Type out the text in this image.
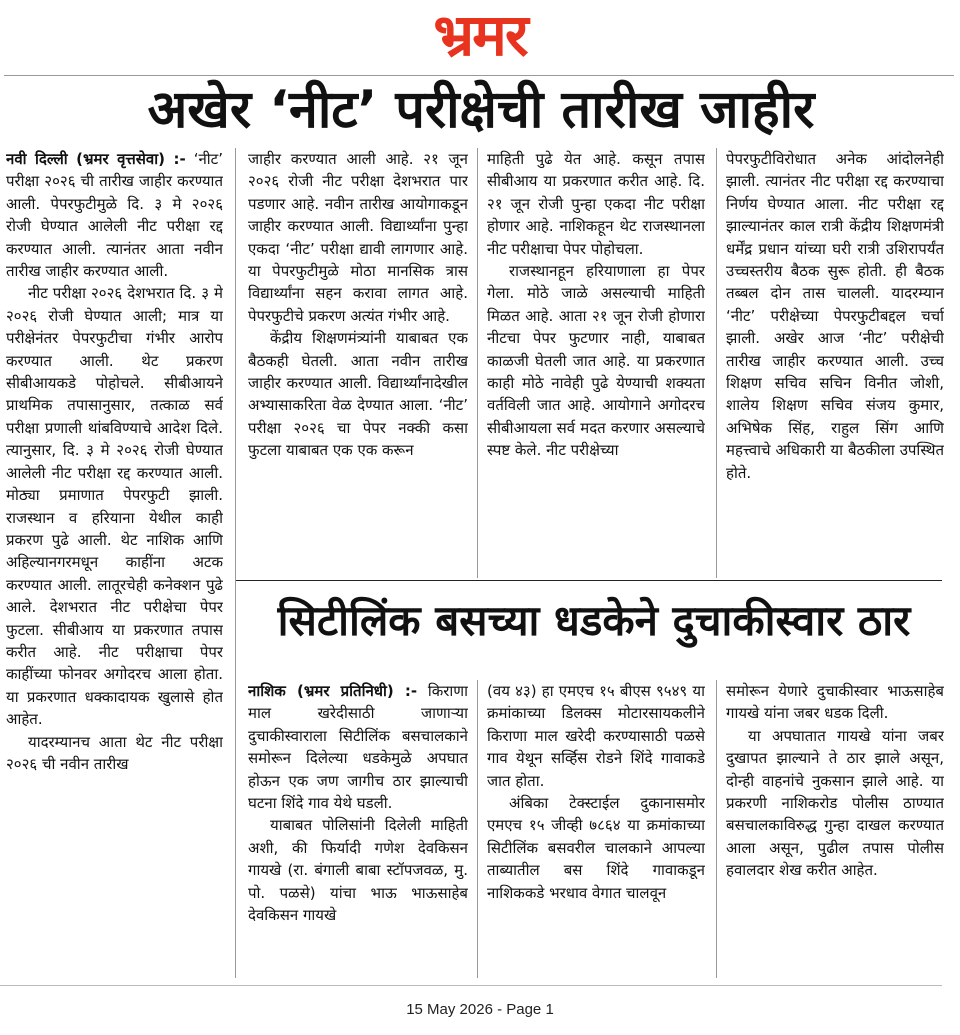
भ्रमर
अखेर ‘नीट’ परीक्षेची तारीख जाहीर

नवी दिल्ली (भ्रमर वृत्तसेवा) :- ‘नीट’ परीक्षा २०२६ ची तारीख जाहीर करण्यात आली. पेपरफुटीमुळे दि. ३ मे २०२६ रोजी घेण्यात आलेली नीट परीक्षा रद्द करण्यात आली. त्यानंतर आता नवीन तारीख जाहीर करण्यात आली.

नीट परीक्षा २०२६ देशभरात दि. ३ मे २०२६ रोजी घेण्यात आली; मात्र या परीक्षेनंतर पेपरफुटीचा गंभीर आरोप करण्यात आली. थेट प्रकरण सीबीआयकडे पोहोचले. सीबीआयने प्राथमिक तपासानुसार, तत्काळ सर्व परीक्षा प्रणाली थांबविण्याचे आदेश दिले. त्यानुसार, दि. ३ मे २०२६ रोजी घेण्यात आलेली नीट परीक्षा रद्द करण्यात आली. मोठ्या प्रमाणात पेपरफुटी झाली. राजस्थान व हरियाना येथील काही प्रकरण पुढे आली. थेट नाशिक आणि अहिल्यानगरमधून काहींना अटक करण्यात आली. लातूरचेही कनेक्शन पुढे आले. देशभरात नीट परीक्षेचा पेपर फुटला. सीबीआय या प्रकरणात तपास करीत आहे. नीट परीक्षाचा पेपर काहींच्या फोनवर अगोदरच आला होता. या प्रकरणात धक्कादायक खुलासे होत आहेत.

यादरम्यानच आता थेट नीट परीक्षा २०२६ ची नवीन तारीख

जाहीर करण्यात आली आहे. २१ जून २०२६ रोजी नीट परीक्षा देशभरात पार पडणार आहे. नवीन तारीख आयोगाकडून जाहीर करण्यात आली. विद्यार्थ्यांना पुन्हा एकदा ‘नीट’ परीक्षा द्यावी लागणार आहे. या पेपरफुटीमुळे मोठा मानसिक त्रास विद्यार्थ्यांना सहन करावा लागत आहे. पेपरफुटीचे प्रकरण अत्यंत गंभीर आहे.

केंद्रीय शिक्षणमंत्र्यांनी याबाबत एक बैठकही घेतली. आता नवीन तारीख जाहीर करण्यात आली. विद्यार्थ्यांनादेखील अभ्यासाकरिता वेळ देण्यात आला. ‘नीट’ परीक्षा २०२६ चा पेपर नक्की कसा फुटला याबाबत एक एक करून

माहिती पुढे येत आहे. कसून तपास सीबीआय या प्रकरणात करीत आहे. दि. २१ जून रोजी पुन्हा एकदा नीट परीक्षा होणार आहे. नाशिकहून थेट राजस्थानला नीट परीक्षाचा पेपर पोहोचला.

राजस्थानहून हरियाणाला हा पेपर गेला. मोठे जाळे असल्याची माहिती मिळत आहे. आता २१ जून रोजी होणारा नीटचा पेपर फुटणार नाही, याबाबत काळजी घेतली जात आहे. या प्रकरणात काही मोठे नावेही पुढे येण्याची शक्यता वर्तविली जात आहे. आयोगाने अगोदरच सीबीआयला सर्व मदत करणार असल्याचे स्पष्ट केले. नीट परीक्षेच्या

पेपरफुटीविरोधात अनेक आंदोलनेही झाली. त्यानंतर नीट परीक्षा रद्द करण्याचा निर्णय घेण्यात आला. नीट परीक्षा रद्द झाल्यानंतर काल रात्री केंद्रीय शिक्षणमंत्री धर्मेंद्र प्रधान यांच्या घरी रात्री उशिरापर्यंत उच्चस्तरीय बैठक सुरू होती. ही बैठक तब्बल दोन तास चालली. यादरम्यान ‘नीट’ परीक्षेच्या पेपरफुटीबद्दल चर्चा झाली. अखेर आज ‘नीट’ परीक्षेची तारीख जाहीर करण्यात आली. उच्च शिक्षण सचिव सचिन विनीत जोशी, शालेय शिक्षण सचिव संजय कुमार, अभिषेक सिंह, राहुल सिंग आणि महत्त्वाचे अधिकारी या बैठकीला उपस्थित होते.

सिटीलिंक बसच्या धडकेने दुचाकीस्वार ठार

नाशिक (भ्रमर प्रतिनिधी) :- किराणा माल खरेदीसाठी जाणाऱ्या दुचाकीस्वाराला सिटीलिंक बसचालकाने समोरून दिलेल्या धडकेमुळे अपघात होऊन एक जण जागीच ठार झाल्याची घटना शिंदे गाव येथे घडली.

याबाबत पोलिसांनी दिलेली माहिती अशी, की फिर्यादी गणेश देवकिसन गायखे (रा. बंगाली बाबा स्टॉपजवळ, मु. पो. पळसे) यांचा भाऊ भाऊसाहेब देवकिसन गायखे

(वय ४३) हा एमएच १५ बीएस ९५४९ या क्रमांकाच्या डिलक्स मोटारसायकलीने किराणा माल खरेदी करण्यासाठी पळसे गाव येथून सर्व्हिस रोडने शिंदे गावाकडे जात होता.

अंबिका टेक्स्टाईल दुकानासमोर एमएच १५ जीव्ही ७८६४ या क्रमांकाच्या सिटीलिंक बसवरील चालकाने आपल्या ताब्यातील बस शिंदे गावाकडून नाशिककडे भरधाव वेगात चालवून

समोरून येणारे दुचाकीस्वार भाऊसाहेब गायखे यांना जबर धडक दिली.

या अपघातात गायखे यांना जबर दुखापत झाल्याने ते ठार झाले असून, दोन्ही वाहनांचे नुकसान झाले आहे. या प्रकरणी नाशिकरोड पोलीस ठाण्यात बसचालकाविरुद्ध गुन्हा दाखल करण्यात आला असून, पुढील तपास पोलीस हवालदार शेख करीत आहेत.

15 May 2026 - Page 1
